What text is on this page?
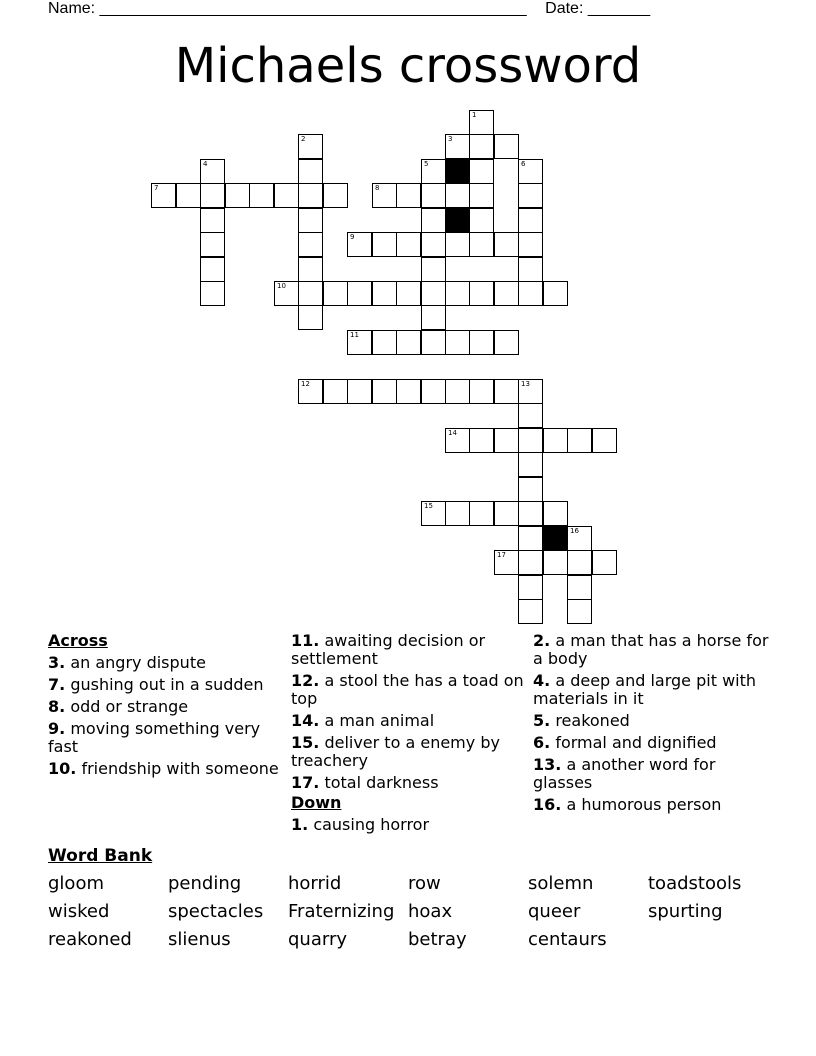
Name: ________________________________________________ Date: _______
Michaels crossword
1
2	3
4	5	6
7	8
9
10
11
12	13
14
15
16
17
Across
3. an angry dispute
7. gushing out in a sudden
8. odd or strange
9. moving something very fast
10. friendship with someone
11. awaiting decision or settlement
12. a stool the has a toad on top
14. a man animal
15. deliver to a enemy by treachery
17. total darkness
Down
1. causing horror
2. a man that has a horse for a body
4. a deep and large pit with materials in it
5. reakoned
6. formal and dignified
13. a another word for glasses
16. a humorous person
Word Bank
gloom	pending	horrid	row	solemn	toadstools
wisked	spectacles	Fraternizing hoax	queer	spurting
reakoned	slienus	quarry	betray	centaurs
